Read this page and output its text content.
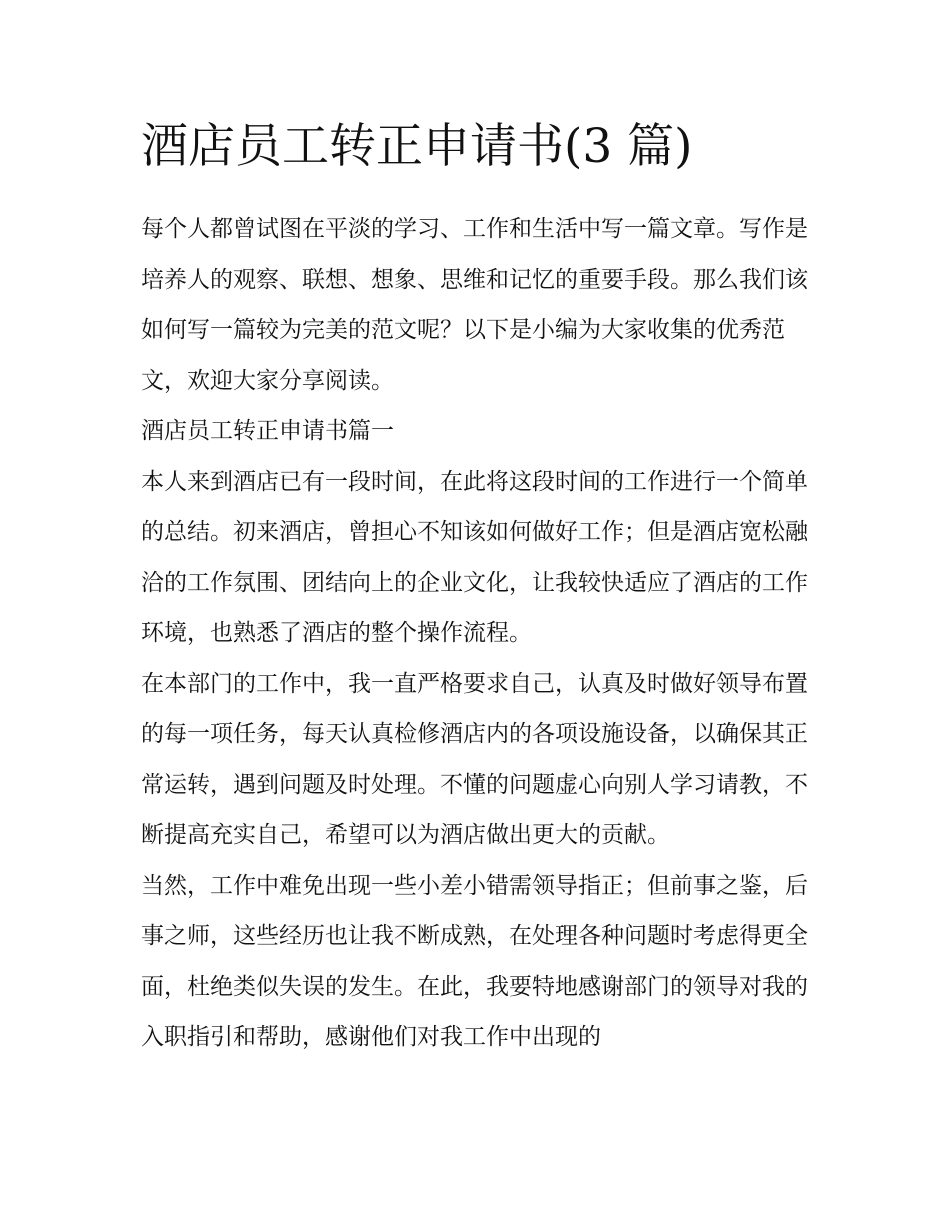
酒店员工转正申请书(3 篇)

每个人都曾试图在平淡的学习、工作和生活中写一篇文章。写作是培养人的观察、联想、想象、思维和记忆的重要手段。那么我们该如何写一篇较为完美的范文呢？以下是小编为大家收集的优秀范文，欢迎大家分享阅读。

酒店员工转正申请书篇一

本人来到酒店已有一段时间，在此将这段时间的工作进行一个简单的总结。初来酒店，曾担心不知该如何做好工作；但是酒店宽松融洽的工作氛围、团结向上的企业文化，让我较快适应了酒店的工作环境，也熟悉了酒店的整个操作流程。

在本部门的工作中，我一直严格要求自己，认真及时做好领导布置的每一项任务，每天认真检修酒店内的各项设施设备，以确保其正常运转，遇到问题及时处理。不懂的问题虚心向别人学习请教，不断提高充实自己，希望可以为酒店做出更大的贡献。

当然，工作中难免出现一些小差小错需领导指正；但前事之鉴，后事之师，这些经历也让我不断成熟，在处理各种问题时考虑得更全面，杜绝类似失误的发生。在此，我要特地感谢部门的领导对我的入职指引和帮助，感谢他们对我工作中出现的
